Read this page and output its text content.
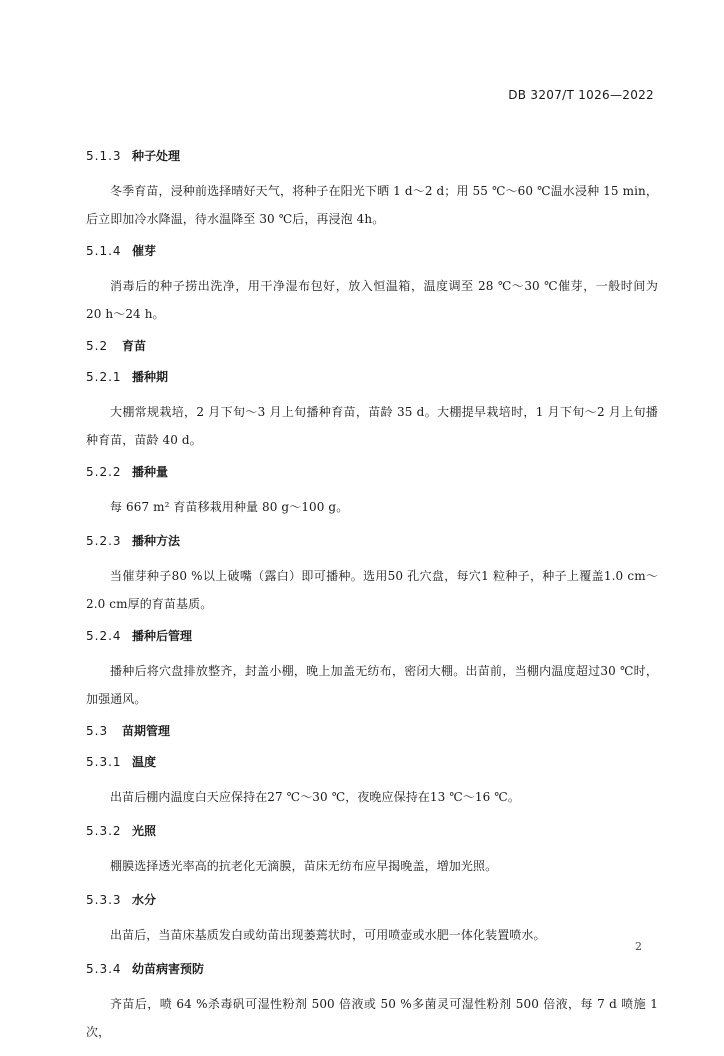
DB 3207/T 1026—2022
5.1.3 种子处理
冬季育苗，浸种前选择晴好天气，将种子在阳光下晒 1 d～2 d；用 55 ℃～60 ℃温水浸种 15 min，后立即加冷水降温，待水温降至 30 ℃后，再浸泡 4h。
5.1.4 催芽
消毒后的种子捞出洗净，用干净湿布包好，放入恒温箱，温度调至 28 ℃～30 ℃催芽，一般时间为 20 h～24 h。
5.2 育苗
5.2.1 播种期
大棚常规栽培，2 月下旬～3 月上旬播种育苗，苗龄 35 d。大棚提早栽培时，1 月下旬～2 月上旬播种育苗，苗龄 40 d。
5.2.2 播种量
每 667 m² 育苗移栽用种量 80 g～100 g。
5.2.3 播种方法
当催芽种子80 %以上破嘴（露白）即可播种。选用50 孔穴盘，每穴1 粒种子，种子上覆盖1.0 cm～2.0 cm厚的育苗基质。
5.2.4 播种后管理
播种后将穴盘排放整齐，封盖小棚，晚上加盖无纺布，密闭大棚。出苗前，当棚内温度超过30 ℃时，加强通风。
5.3 苗期管理
5.3.1 温度
出苗后棚内温度白天应保持在27 ℃～30 ℃，夜晚应保持在13 ℃～16 ℃。
5.3.2 光照
棚膜选择透光率高的抗老化无滴膜，苗床无纺布应早揭晚盖，增加光照。
5.3.3 水分
出苗后，当苗床基质发白或幼苗出现萎蔫状时，可用喷壶或水肥一体化装置喷水。
5.3.4 幼苗病害预防
齐苗后，喷 64 %杀毒矾可湿性粉剂 500 倍液或 50 %多菌灵可湿性粉剂 500 倍液，每 7 d 喷施 1 次，
2
